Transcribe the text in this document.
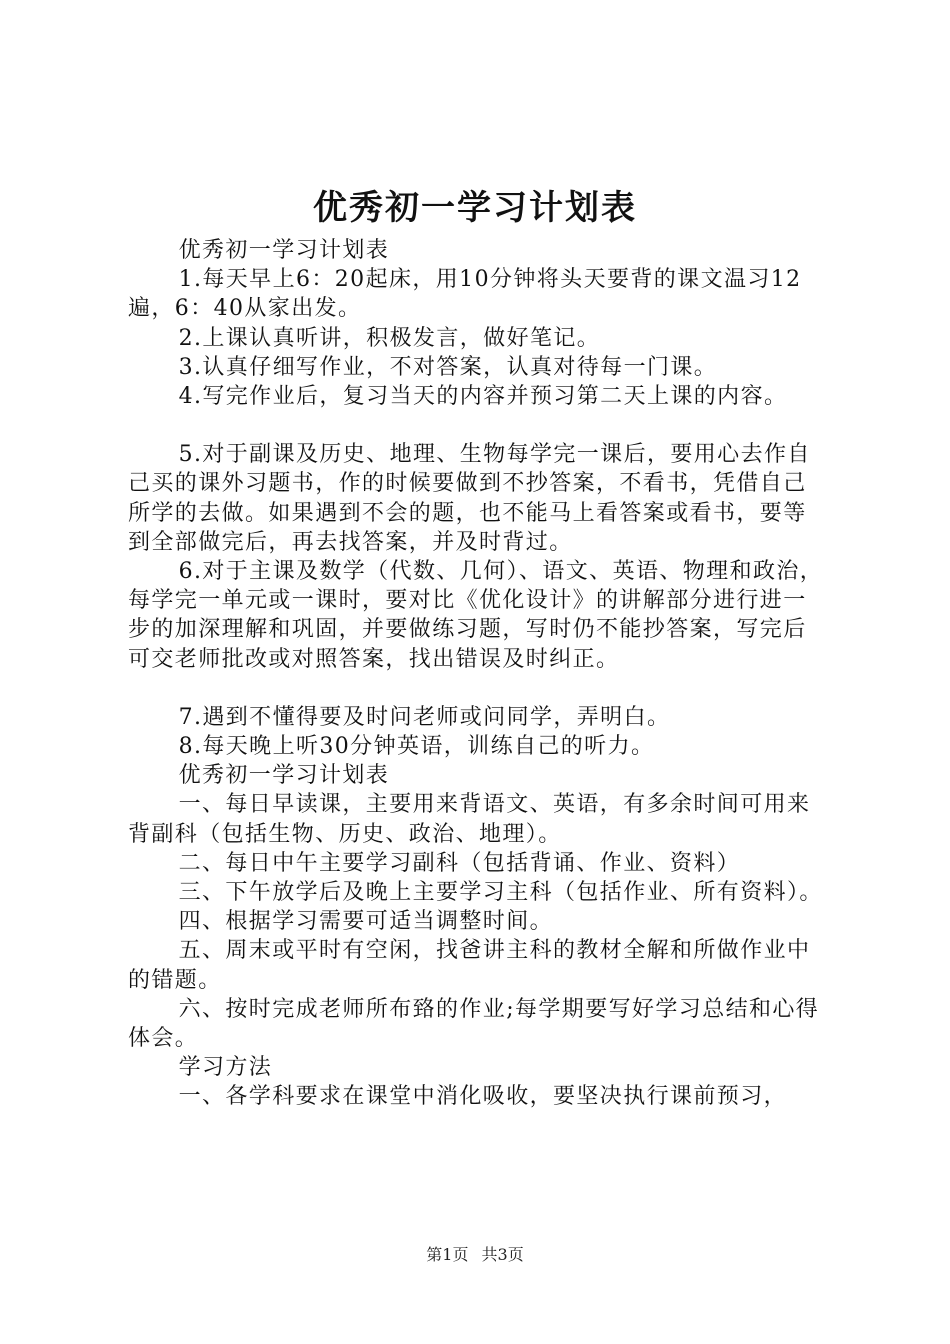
优秀初一学习计划表

优秀初一学习计划表

1.每天早上6：20起床，用10分钟将头天要背的课文温习12遍，6：40从家出发。

2.上课认真听讲，积极发言，做好笔记。

3.认真仔细写作业，不对答案，认真对待每一门课。

4.写完作业后，复习当天的内容并预习第二天上课的内容。

5.对于副课及历史、地理、生物每学完一课后，要用心去作自己买的课外习题书，作的时候要做到不抄答案，不看书，凭借自己所学的去做。如果遇到不会的题，也不能马上看答案或看书，要等到全部做完后，再去找答案，并及时背过。

6.对于主课及数学（代数、几何）、语文、英语、物理和政治，每学完一单元或一课时，要对比《优化设计》的讲解部分进行进一步的加深理解和巩固，并要做练习题，写时仍不能抄答案，写完后可交老师批改或对照答案，找出错误及时纠正。

7.遇到不懂得要及时问老师或问同学，弄明白。

8.每天晚上听30分钟英语，训练自己的听力。

优秀初一学习计划表

一、每日早读课，主要用来背语文、英语，有多余时间可用来背副科（包括生物、历史、政治、地理）。

二、每日中午主要学习副科（包括背诵、作业、资料）

三、下午放学后及晚上主要学习主科（包括作业、所有资料）。

四、根据学习需要可适当调整时间。

五、周末或平时有空闲，找爸讲主科的教材全解和所做作业中的错题。

六、按时完成老师所布臵的作业;每学期要写好学习总结和心得体会。

学习方法

一、各学科要求在课堂中消化吸收，要坚决执行课前预习，

第1页 共3页
